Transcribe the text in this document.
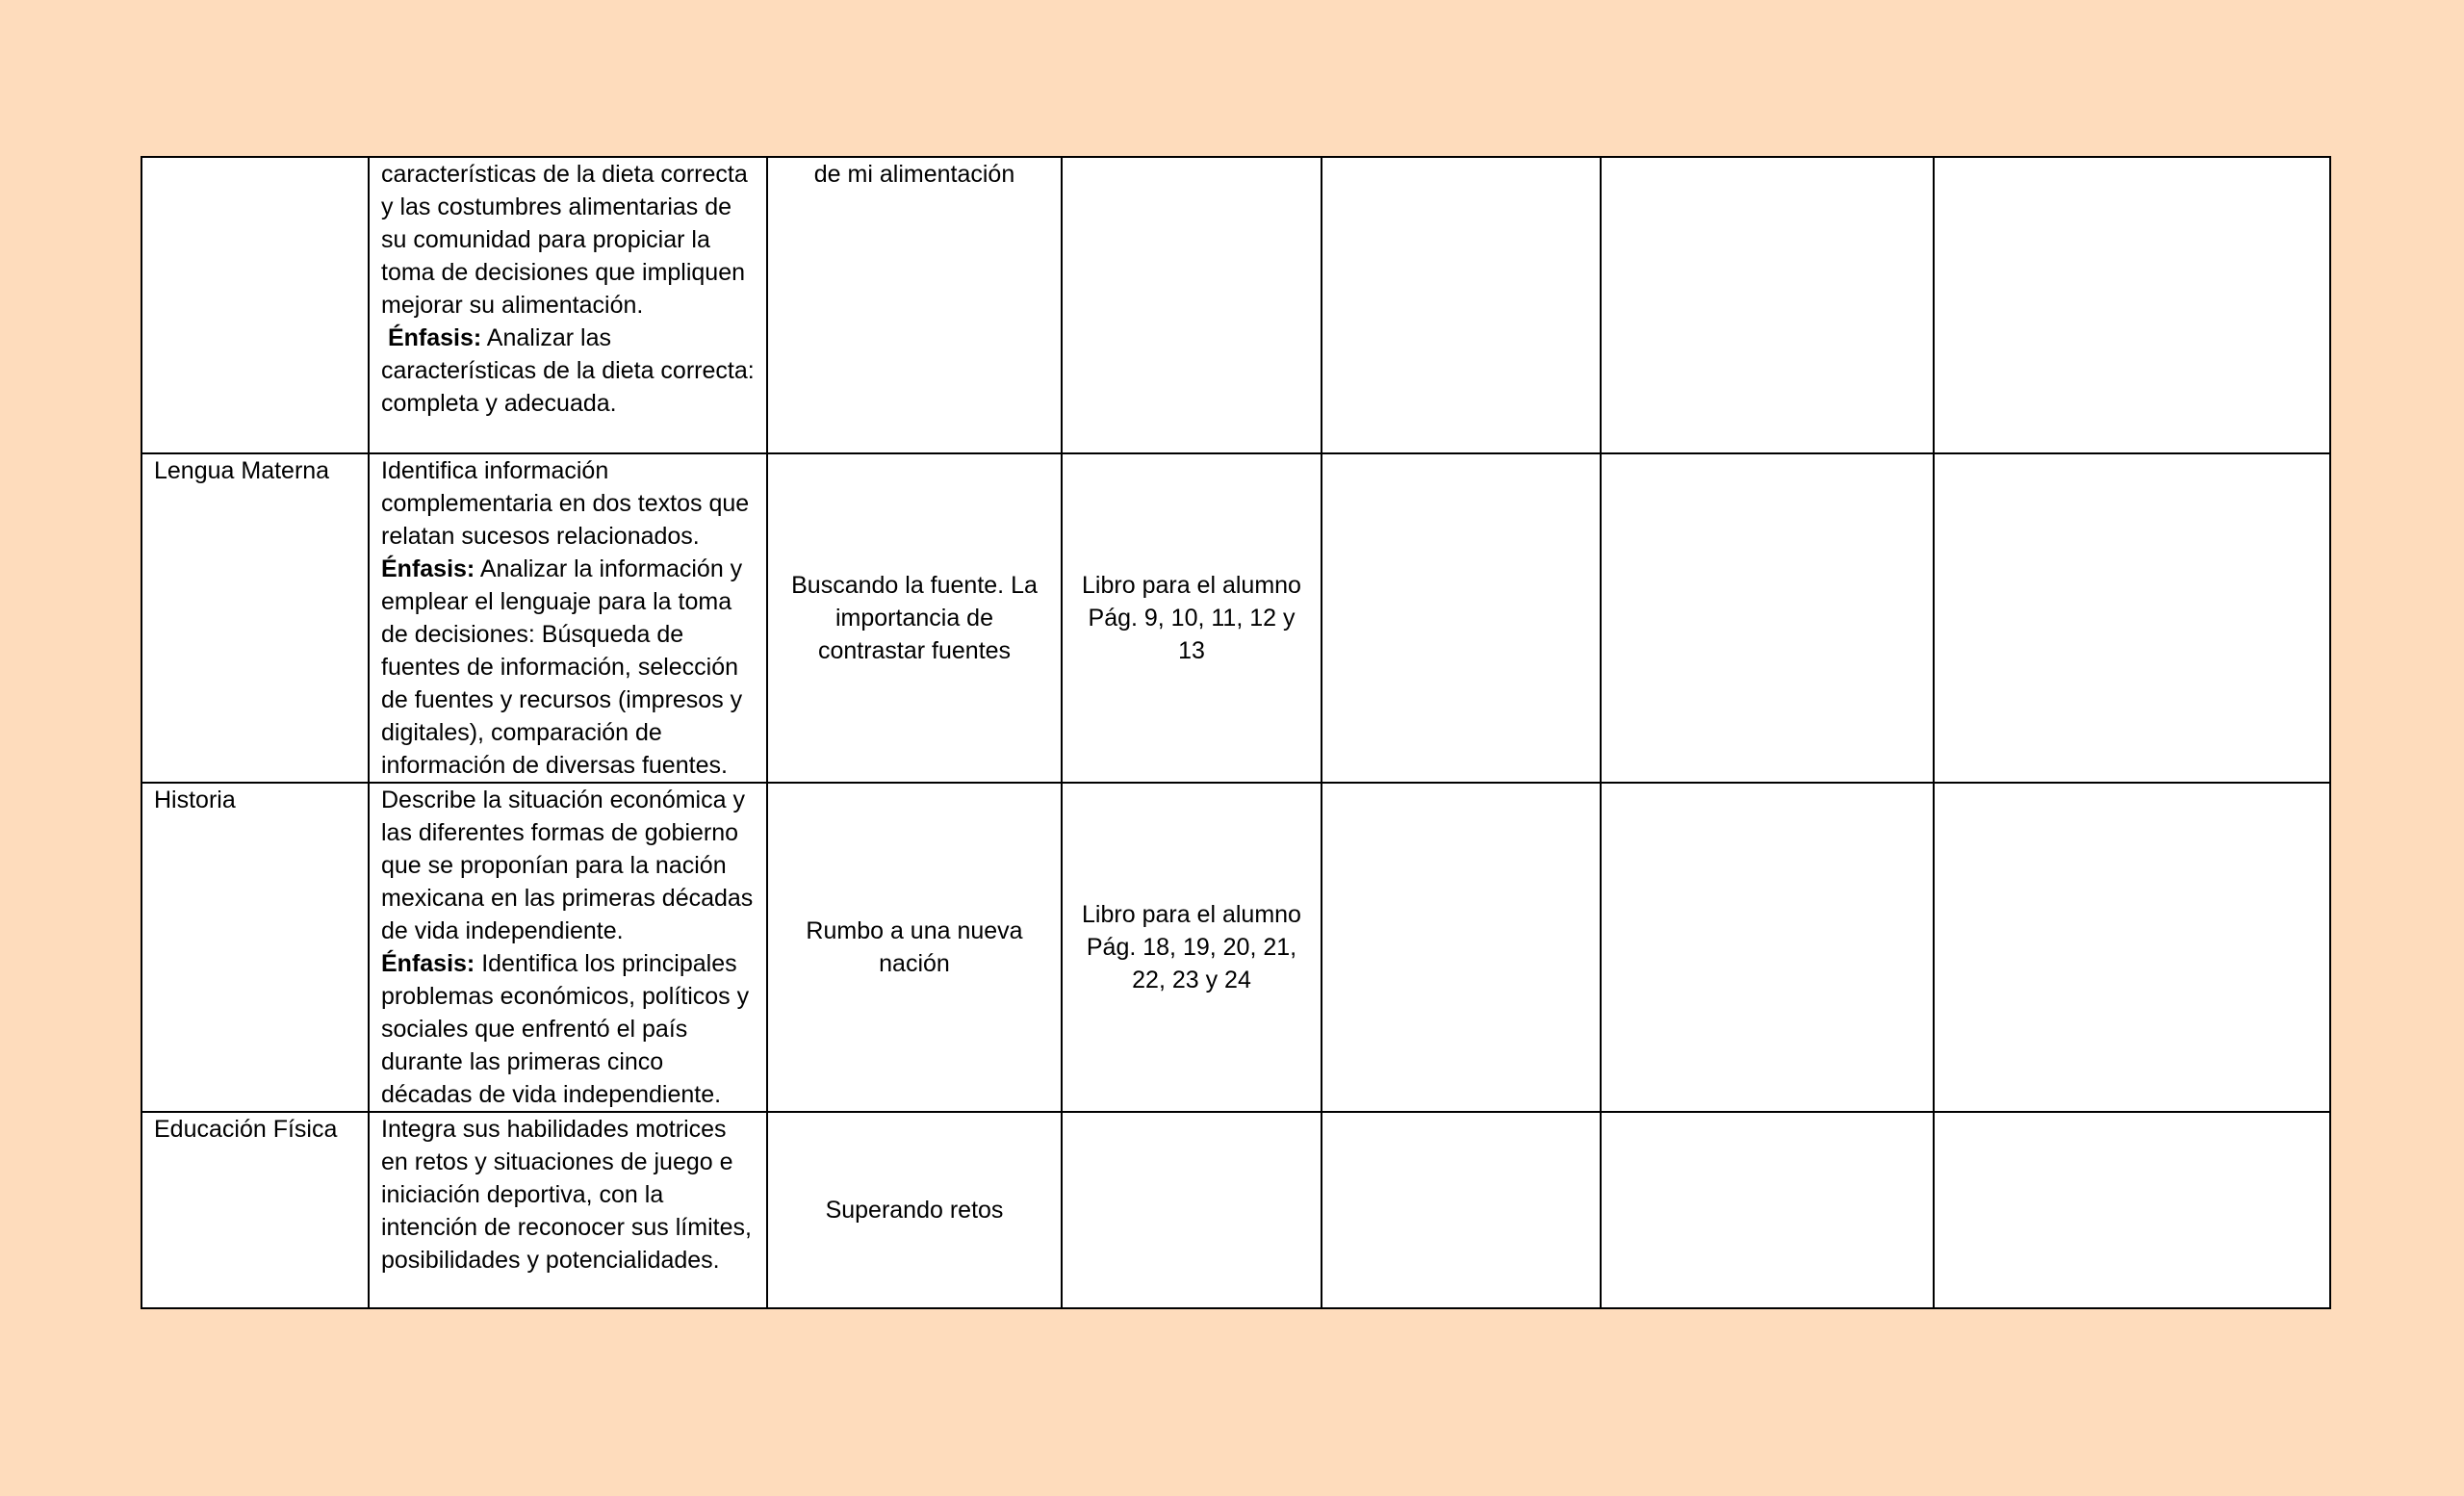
	características de la dieta correcta y las costumbres alimentarias de su comunidad para propiciar la toma de decisiones que impliquen mejorar su alimentación.
Énfasis: Analizar las características de la dieta correcta: completa y adecuada.	de mi alimentación				
Lengua Materna	Identifica información complementaria en dos textos que relatan sucesos relacionados.
Énfasis: Analizar la información y emplear el lenguaje para la toma de decisiones: Búsqueda de fuentes de información, selección de fuentes y recursos (impresos y digitales), comparación de información de diversas fuentes.	Buscando la fuente. La importancia de contrastar fuentes	Libro para el alumno Pág. 9, 10, 11, 12 y 13			
Historia	Describe la situación económica y las diferentes formas de gobierno que se proponían para la nación mexicana en las primeras décadas de vida independiente.
Énfasis: Identifica los principales problemas económicos, políticos y sociales que enfrentó el país durante las primeras cinco décadas de vida independiente.	Rumbo a una nueva nación	Libro para el alumno Pág. 18, 19, 20, 21, 22, 23 y 24			
Educación Física	Integra sus habilidades motrices en retos y situaciones de juego e iniciación deportiva, con la intención de reconocer sus límites, posibilidades y potencialidades.	Superando retos				
